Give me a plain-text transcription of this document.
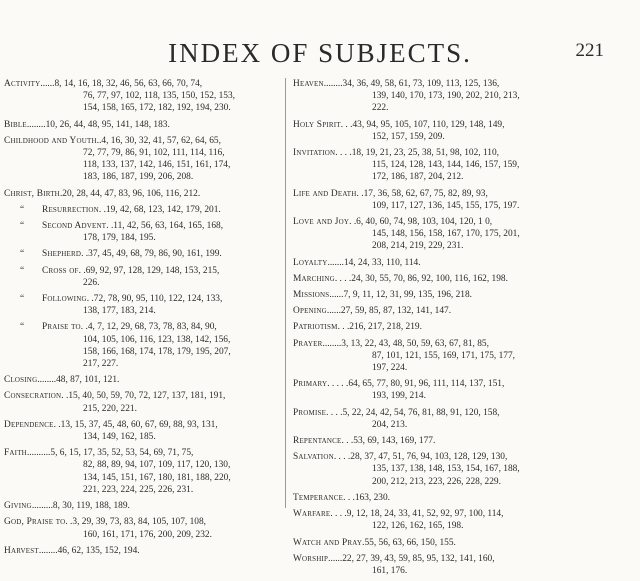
INDEX OF SUBJECTS.	221
Activity......8, 14, 16, 18, 32, 46, 56, 63, 66, 70, 74,
76, 77, 97, 102, 118, 135, 150, 152, 153,
154, 158, 165, 172, 182, 192, 194, 230.
Bible........10, 26, 44, 48, 95, 141, 148, 183.
Childhood and Youth..4, 16, 30, 32, 41, 57, 62, 64, 65,
72, 77, 79, 86, 91, 102, 111, 114, 116,
118, 133, 137, 142, 146, 151, 161, 174,
183, 186, 187, 199, 206, 208.
Christ, Birth.20, 28, 44, 47, 83, 96, 106, 116, 212.
“Resurrection. .19, 42, 68, 123, 142, 179, 201.
“Second Advent. .11, 42, 56, 63, 164, 165, 168,
178, 179, 184, 195.
“Shepherd. .37, 45, 49, 68, 79, 86, 90, 161, 199.
“Cross of. .69, 92, 97, 128, 129, 148, 153, 215,
226.
“Following. .72, 78, 90, 95, 110, 122, 124, 133,
138, 177, 183, 214.
“Praise to. .4, 7, 12, 29, 68, 73, 78, 83, 84, 90,
104, 105, 106, 116, 123, 138, 142, 156,
158, 166, 168, 174, 178, 179, 195, 207,
217, 227.
Closing........48, 87, 101, 121.
Consecration. .15, 40, 50, 59, 70, 72, 127, 137, 181, 191,
215, 220, 221.
Dependence. .13, 15, 37, 45, 48, 60, 67, 69, 88, 93, 131,
134, 149, 162, 185.
Faith..........5, 6, 15, 17, 35, 52, 53, 54, 69, 71, 75,
82, 88, 89, 94, 107, 109, 117, 120, 130,
134, 145, 151, 167, 180, 181, 188, 220,
221, 223, 224, 225, 226, 231.
Giving.........8, 30, 119, 188, 189.
God, Praise to. .3, 29, 39, 73, 83, 84, 105, 107, 108,
160, 161, 171, 176, 200, 209, 232.
Harvest........46, 62, 135, 152, 194.
Heaven........34, 36, 49, 58, 61, 73, 109, 113, 125, 136,
139, 140, 170, 173, 190, 202, 210, 213,
222.
Holy Spirit. . .43, 94, 95, 105, 107, 110, 129, 148, 149,
152, 157, 159, 209.
Invitation. . . .18, 19, 21, 23, 25, 38, 51, 98, 102, 110,
115, 124, 128, 143, 144, 146, 157, 159,
172, 186, 187, 204, 212.
Life and Death. .17, 36, 58, 62, 67, 75, 82, 89, 93,
109, 117, 127, 136, 145, 155, 175, 197.
Love and Joy. .6, 40, 60, 74, 98, 103, 104, 120, 1 0,
145, 148, 156, 158, 167, 170, 175, 201,
208, 214, 219, 229, 231.
Loyalty.......14, 24, 33, 110, 114.
Marching. . . .24, 30, 55, 70, 86, 92, 100, 116, 162, 198.
Missions......7, 9, 11, 12, 31, 99, 135, 196, 218.
Opening......27, 59, 85, 87, 132, 141, 147.
Patriotism. . .216, 217, 218, 219.
Prayer........3, 13, 22, 43, 48, 50, 59, 63, 67, 81, 85,
87, 101, 121, 155, 169, 171, 175, 177,
197, 224.
Primary. . . . .64, 65, 77, 80, 91, 96, 111, 114, 137, 151,
193, 199, 214.
Promise. . . .5, 22, 24, 42, 54, 76, 81, 88, 91, 120, 158,
204, 213.
Repentance. . .53, 69, 143, 169, 177.
Salvation. . . .28, 37, 47, 51, 76, 94, 103, 128, 129, 130,
135, 137, 138, 148, 153, 154, 167, 188,
200, 212, 213, 223, 226, 228, 229.
Temperance. . .163, 230.
Warfare. . . .9, 12, 18, 24, 33, 41, 52, 92, 97, 100, 114,
122, 126, 162, 165, 198.
Watch and Pray.55, 56, 63, 66, 150, 155.
Worship......22, 27, 39, 43, 59, 85, 95, 132, 141, 160,
161, 176.
